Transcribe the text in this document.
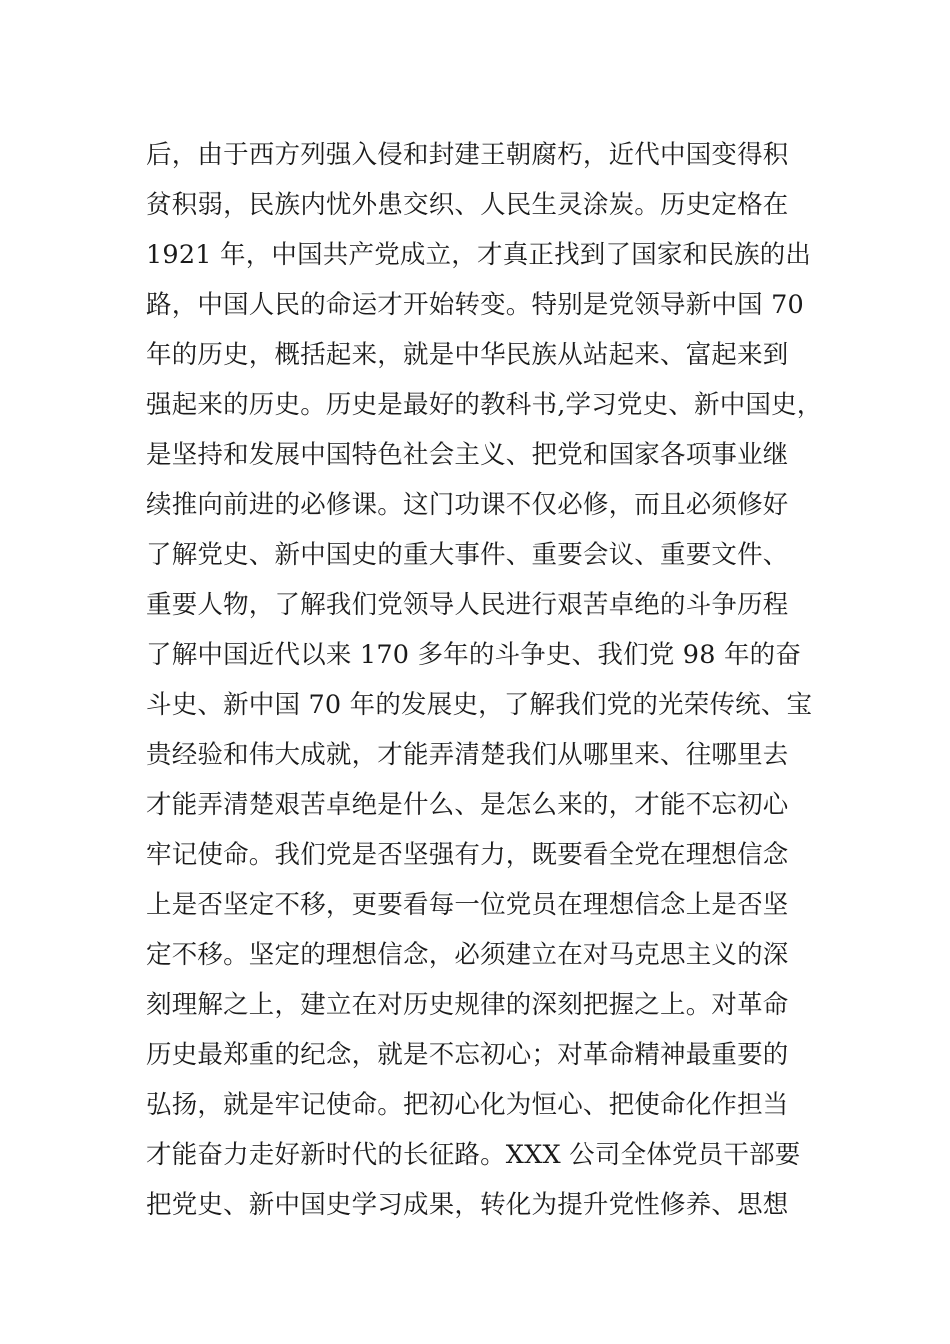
后，由于西方列强入侵和封建王朝腐朽，近代中国变得积
贫积弱，民族内忧外患交织、人民生灵涂炭。历史定格在
1921 年，中国共产党成立，才真正找到了国家和民族的出
路，中国人民的命运才开始转变。特别是党领导新中国 70
年的历史，概括起来，就是中华民族从站起来、富起来到
强起来的历史。历史是最好的教科书,学习党史、新中国史，
是坚持和发展中国特色社会主义、把党和国家各项事业继
续推向前进的必修课。这门功课不仅必修，而且必须修好
了解党史、新中国史的重大事件、重要会议、重要文件、
重要人物，了解我们党领导人民进行艰苦卓绝的斗争历程
了解中国近代以来 170 多年的斗争史、我们党 98 年的奋
斗史、新中国 70 年的发展史，了解我们党的光荣传统、宝
贵经验和伟大成就，才能弄清楚我们从哪里来、往哪里去
才能弄清楚艰苦卓绝是什么、是怎么来的，才能不忘初心
牢记使命。我们党是否坚强有力，既要看全党在理想信念
上是否坚定不移，更要看每一位党员在理想信念上是否坚
定不移。坚定的理想信念，必须建立在对马克思主义的深
刻理解之上，建立在对历史规律的深刻把握之上。对革命
历史最郑重的纪念，就是不忘初心；对革命精神最重要的
弘扬，就是牢记使命。把初心化为恒心、把使命化作担当
才能奋力走好新时代的长征路。XXX 公司全体党员干部要
把党史、新中国史学习成果，转化为提升党性修养、思想
